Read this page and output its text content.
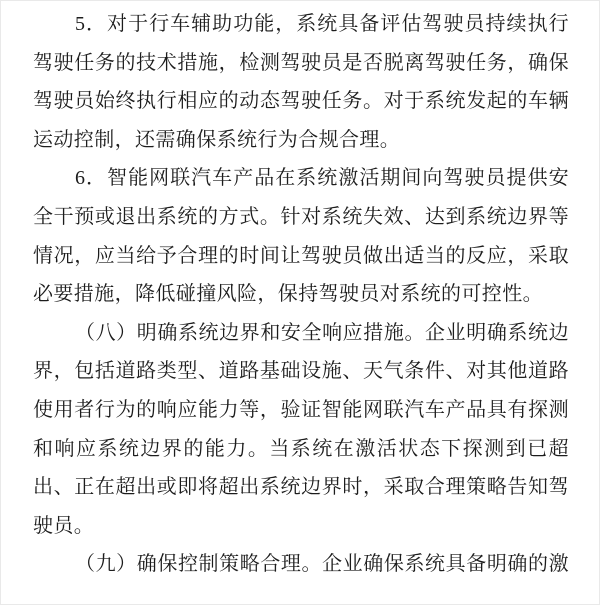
5．对于行车辅助功能，系统具备评估驾驶员持续执行
驾驶任务的技术措施，检测驾驶员是否脱离驾驶任务，确保
驾驶员始终执行相应的动态驾驶任务。对于系统发起的车辆
运动控制，还需确保系统行为合规合理。

6．智能网联汽车产品在系统激活期间向驾驶员提供安
全干预或退出系统的方式。针对系统失效、达到系统边界等
情况，应当给予合理的时间让驾驶员做出适当的反应，采取
必要措施，降低碰撞风险，保持驾驶员对系统的可控性。

（八）明确系统边界和安全响应措施。企业明确系统边
界，包括道路类型、道路基础设施、天气条件、对其他道路
使用者行为的响应能力等，验证智能网联汽车产品具有探测
和响应系统边界的能力。当系统在激活状态下探测到已超
出、正在超出或即将超出系统边界时，采取合理策略告知驾
驶员。

（九）确保控制策略合理。企业确保系统具备明确的激
